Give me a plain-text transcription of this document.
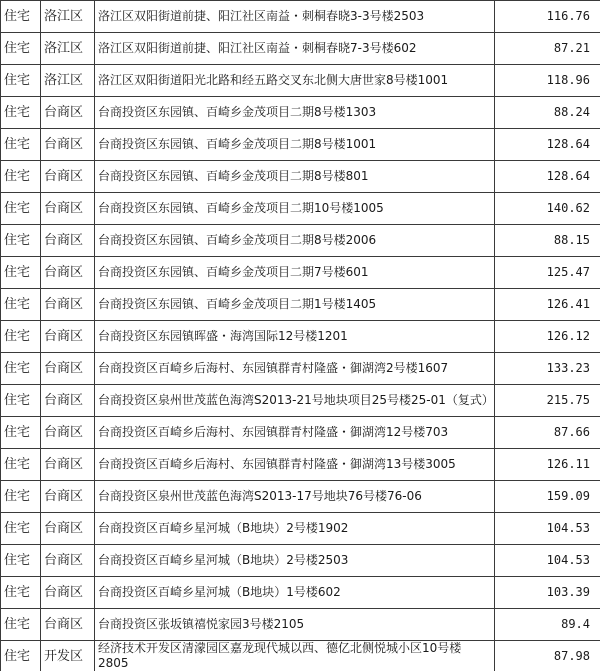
住宅	洛江区	洛江区双阳街道前捷、阳江社区南益・刺桐春晓3-3号楼2503	116.76
住宅	洛江区	洛江区双阳街道前捷、阳江社区南益・刺桐春晓7-3号楼602	87.21
住宅	洛江区	洛江区双阳街道阳光北路和经五路交叉东北侧大唐世家8号楼1001	118.96
住宅	台商区	台商投资区东园镇、百崎乡金茂项目二期8号楼1303	88.24
住宅	台商区	台商投资区东园镇、百崎乡金茂项目二期8号楼1001	128.64
住宅	台商区	台商投资区东园镇、百崎乡金茂项目二期8号楼801	128.64
住宅	台商区	台商投资区东园镇、百崎乡金茂项目二期10号楼1005	140.62
住宅	台商区	台商投资区东园镇、百崎乡金茂项目二期8号楼2006	88.15
住宅	台商区	台商投资区东园镇、百崎乡金茂项目二期7号楼601	125.47
住宅	台商区	台商投资区东园镇、百崎乡金茂项目二期1号楼1405	126.41
住宅	台商区	台商投资区东园镇晖盛・海湾国际12号楼1201	126.12
住宅	台商区	台商投资区百崎乡后海村、东园镇群青村隆盛・御湖湾2号楼1607	133.23
住宅	台商区	台商投资区泉州世茂蓝色海湾S2013-21号地块项目25号楼25-01（复式）	215.75
住宅	台商区	台商投资区百崎乡后海村、东园镇群青村隆盛・御湖湾12号楼703	87.66
住宅	台商区	台商投资区百崎乡后海村、东园镇群青村隆盛・御湖湾13号楼3005	126.11
住宅	台商区	台商投资区泉州世茂蓝色海湾S2013-17号地块76号楼76-06	159.09
住宅	台商区	台商投资区百崎乡星河城（B地块）2号楼1902	104.53
住宅	台商区	台商投资区百崎乡星河城（B地块）2号楼2503	104.53
住宅	台商区	台商投资区百崎乡星河城（B地块）1号楼602	103.39
住宅	台商区	台商投资区张坂镇禧悦家园3号楼2105	89.4
住宅	开发区	经济技术开发区清濛园区嘉龙现代城以西、德亿北侧悦城小区10号楼2805	87.98
